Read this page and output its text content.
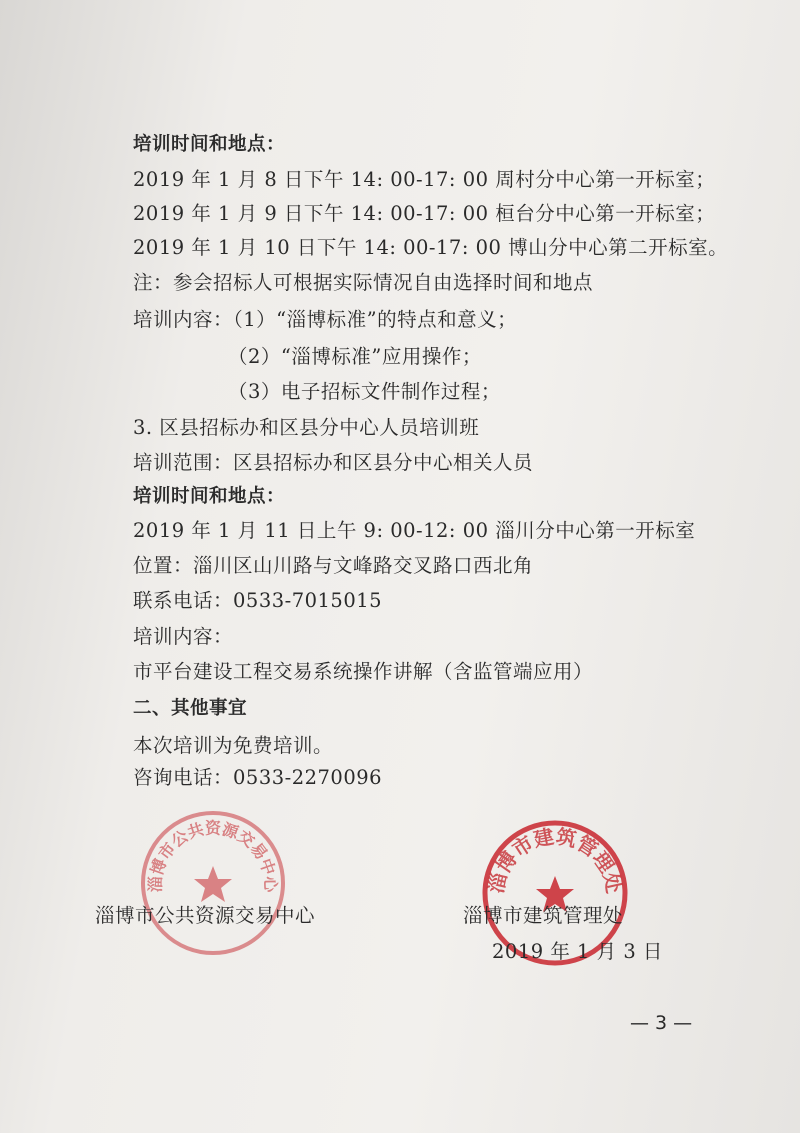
培训时间和地点：
2019 年 1 月 8 日下午 14: 00-17: 00 周村分中心第一开标室；
2019 年 1 月 9 日下午 14: 00-17: 00 桓台分中心第一开标室；
2019 年 1 月 10 日下午 14: 00-17: 00 博山分中心第二开标室。
注：参会招标人可根据实际情况自由选择时间和地点
培训内容：（1）“淄博标准”的特点和意义；
（2）“淄博标准”应用操作；
（3）电子招标文件制作过程；
3. 区县招标办和区县分中心人员培训班
培训范围：区县招标办和区县分中心相关人员
培训时间和地点：
2019 年 1 月 11 日上午 9: 00-12: 00 淄川分中心第一开标室
位置：淄川区山川路与文峰路交叉路口西北角
联系电话：0533-7015015
培训内容：
市平台建设工程交易系统操作讲解（含监管端应用）
二、其他事宜
本次培训为免费培训。
咨询电话：0533-2270096
淄博市公共资源交易中心	淄博市建筑管理处
淄博市公共资源交易中心	淄博市建筑管理处
2019 年 1 月 3 日
— 3 —
